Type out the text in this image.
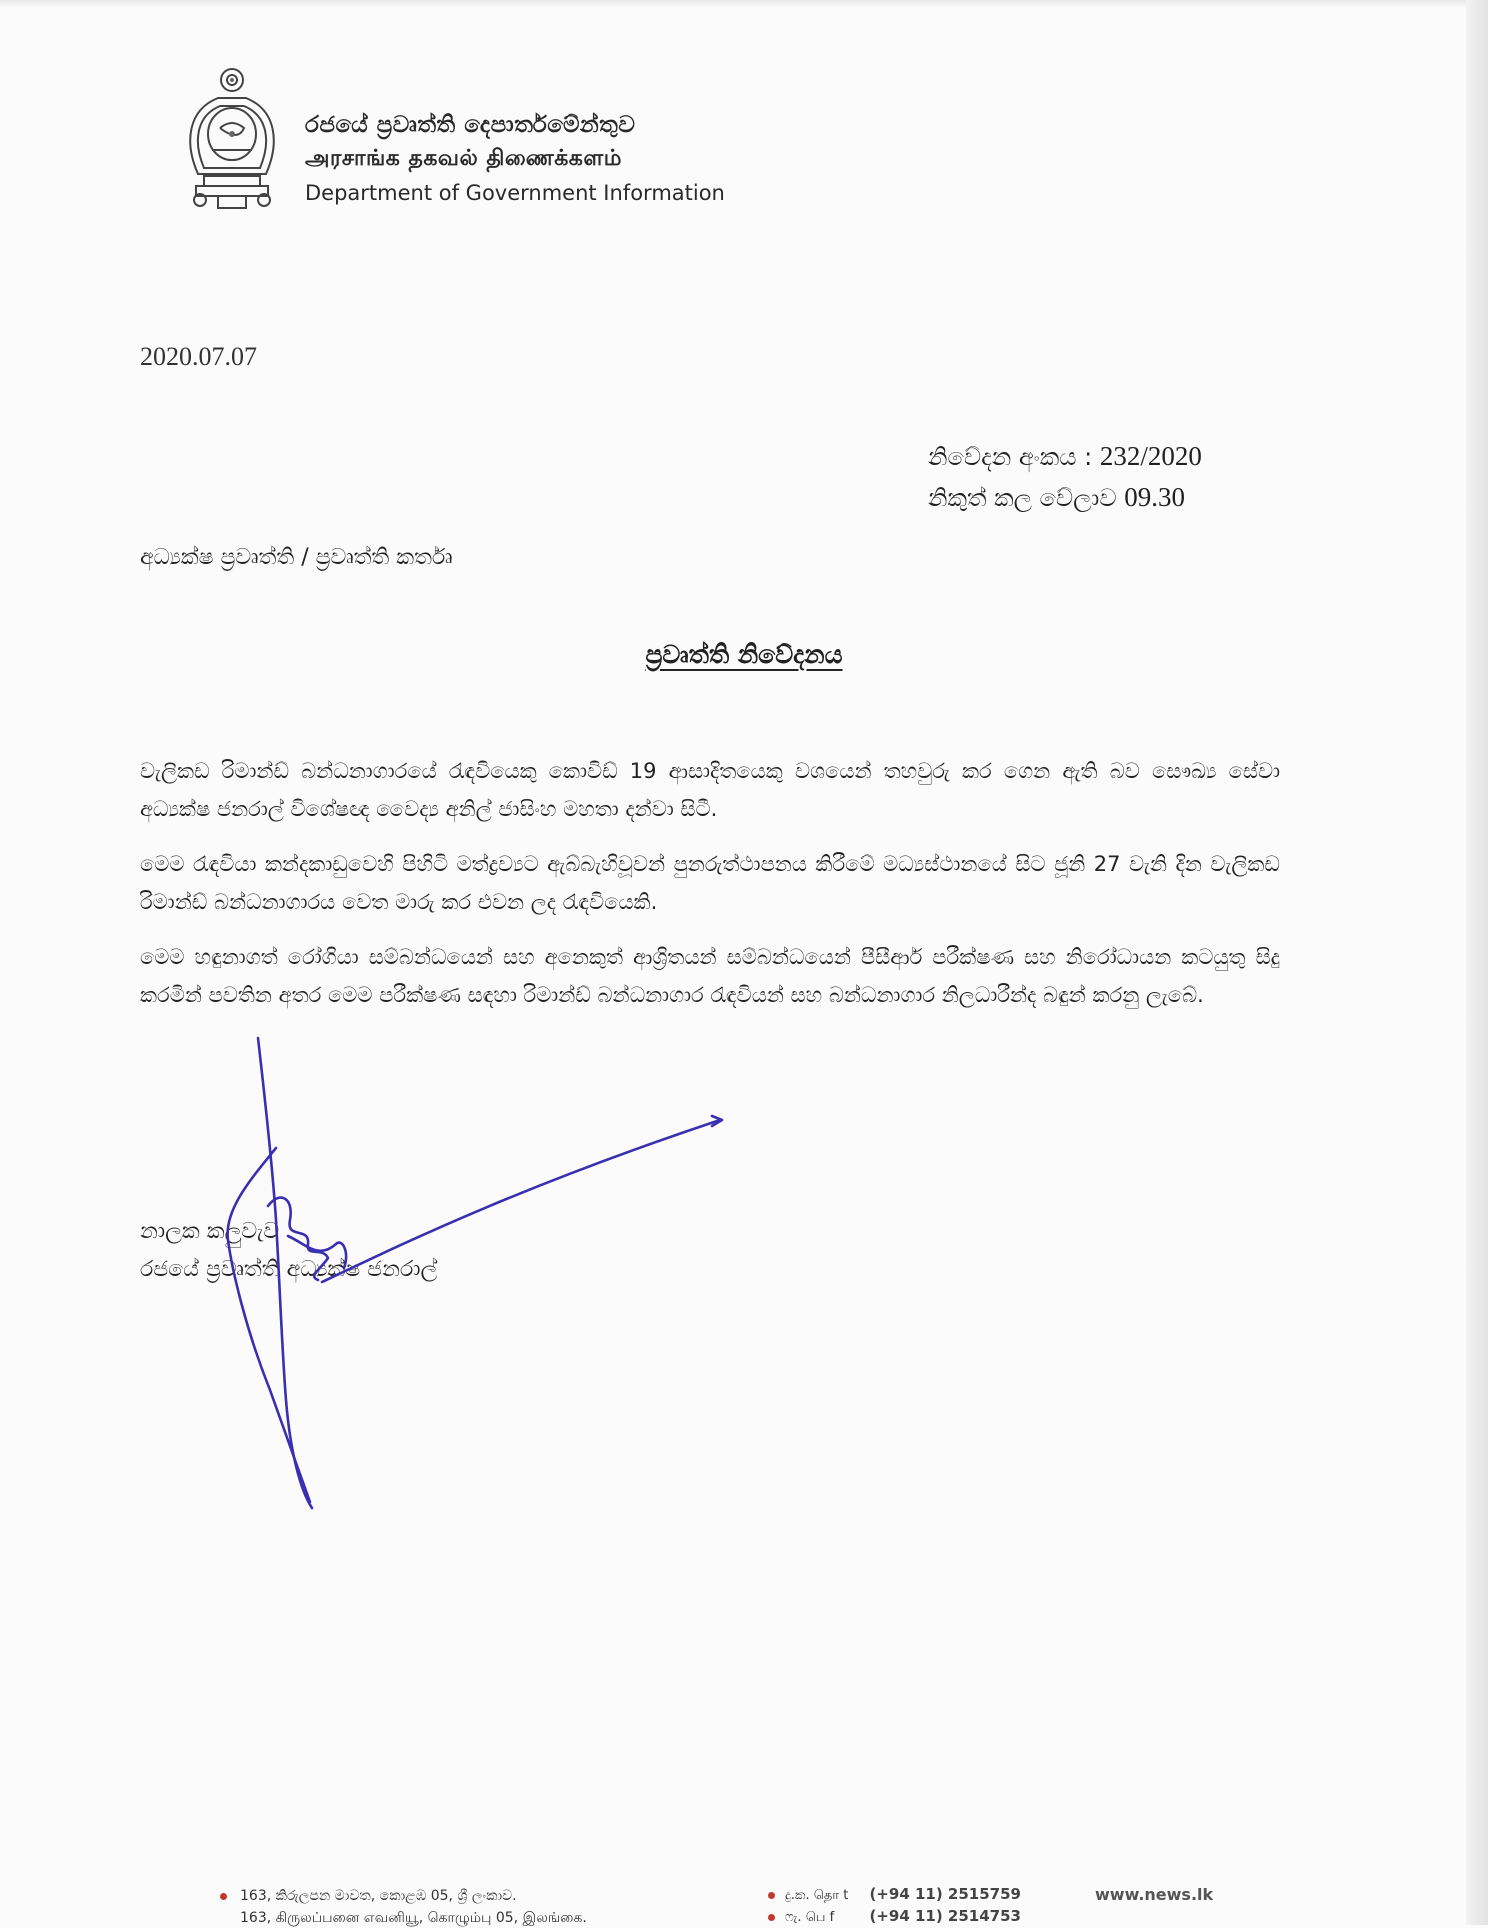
රජයේ ප්‍රවෘත්ති දෙපාර්තමේන්තුව
அரசாங்க தகவல் திணைக்களம்
Department of Government Information
2020.07.07
නිවේදන අංකය : 232/2020
නිකුත් කල වේලාව 09.30
අධ්‍යක්ෂ ප්‍රවෘත්ති / ප්‍රවෘත්ති කර්තෘ
ප්‍රවෘත්ති නිවේදනය

වැලිකඩ රිමාන්ඩ් බන්ධනාගාරයේ රැඳවියෙකු කොවිඩ් 19 ආසාදිතයෙකු වශයෙන් තහවුරු කර ගෙන ඇති බව සෞඛ්‍ය සේවා අධ්‍යක්ෂ ජනරාල් විශේෂඥ වෛද්‍ය අනිල් ජාසිංහ මහතා දන්වා සිටී.

මෙම රැඳවියා කන්දකාඩුවෙහි පිහිටි මත්ද්‍රව්‍යට ඇබ්බැහිවූවන් පුනරුත්ථාපනය කිරීමේ මධ්‍යස්ථානයේ සිට ජූනි 27 වැනි දින වැලිකඩ රිමාන්ඩ් බන්ධනාගාරය වෙත මාරු කර එවන ලද රැඳවියෙකි.

මෙම හඳුනාගත් රෝගියා සම්බන්ධයෙන් සහ අනෙකුත් ආශ්‍රිතයන් සම්බන්ධයෙන් පීසීආර් පරීක්ෂණ සහ නිරෝධායන කටයුතු සිදු කරමින් පවතින අතර මෙම පරීක්ෂණ සඳහා රිමාන්ඩ් බන්ධනාගාර රැඳවියන් සහ බන්ධනාගාර නිලධාරීන්ද බඳුන් කරනු ලැබේ.

නාලක කලුවැව
රජයේ ප්‍රවෘත්ති අධ්‍යක්ෂ ජනරාල්
163, කිරුලපන මාවත, කොළඹ 05, ශ්‍රී ලංකාව.
163, கிருலப்பனை எவனியூ, கொழும்பு 05, இலங்கை.
දු.ක. தொ t (+94 11) 2515759
ෆැ. பெ f (+94 11) 2514753
www.news.lk
